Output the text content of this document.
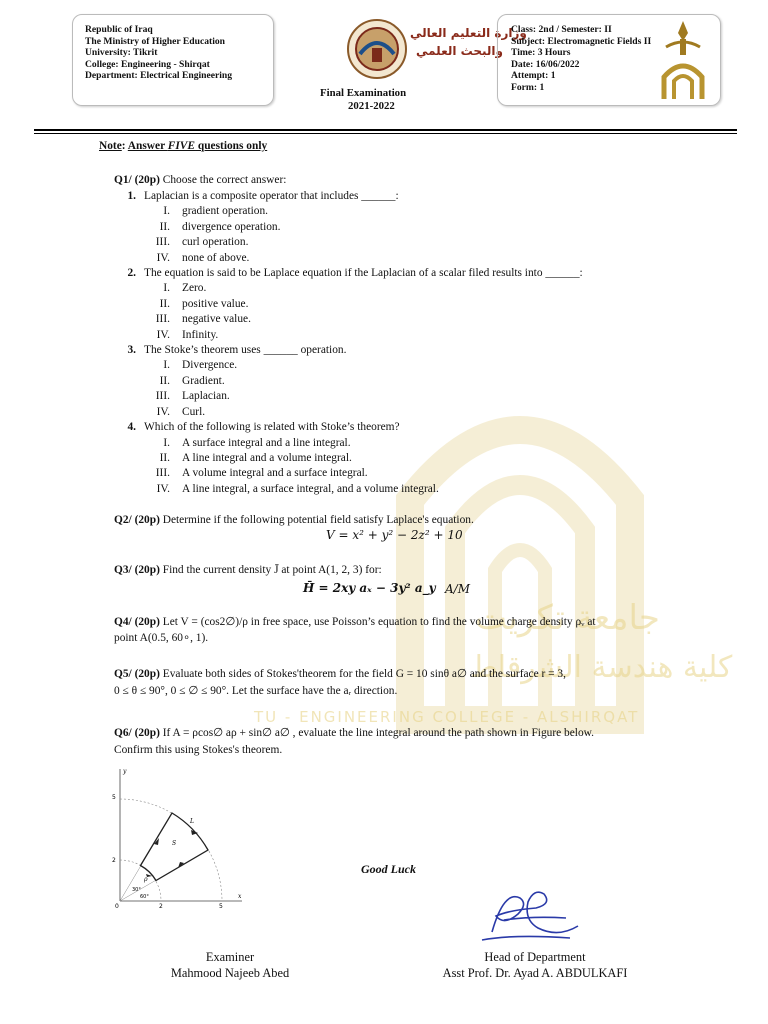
جامعة تكريت
كلية هندسة الشرقاط
TU - ENGINEERING COLLEGE - ALSHIRQAT
Republic of Iraq
The Ministry of Higher Education
University: Tikrit
College: Engineering - Shirqat
Department: Electrical Engineering
وزارة التعليم العالي
والبحث العلمي
Final Examination
2021-2022
Class: 2nd / Semester: II
Subject: Electromagnetic Fields II
Time: 3 Hours
Date: 16/06/2022
Attempt: 1
Form: 1
Note: Answer FIVE questions only
Q1/ (20p) Choose the correct answer:
1. Laplacian is a composite operator that includes ______:
I. gradient operation.
II. divergence operation.
III. curl operation.
IV. none of above.
2. The equation is said to be Laplace equation if the Laplacian of a scalar filed results into ______:
I. Zero.
II. positive value.
III. negative value.
IV. Infinity.
3. The Stoke’s theorem uses ______ operation.
I. Divergence.
II. Gradient.
III. Laplacian.
IV. Curl.
4. Which of the following is related with Stoke’s theorem?
I. A surface integral and a line integral.
II. A line integral and a volume integral.
III. A volume integral and a surface integral.
IV. A line integral, a surface integral, and a volume integral.
Q2/ (20p) Determine if the following potential field satisfy Laplace's equation.
V = x² + y² − 2z² + 10
Q3/ (20p) Find the current density J̄ at point A(1, 2, 3) for:
H̄ = 2xy aₓ − 3y² a_y A/M
Q4/ (20p) Let V = (cos2∅)/ρ in free space, use Poisson’s equation to find the volume charge density ρᵥ at
point A(0.5, 60∘, 1).
Q5/ (20p) Evaluate both sides of Stokes'theorem for the field G = 10 sinθ a∅ and the surface r = 3,
0 ≤ θ ≤ 90°, 0 ≤ ∅ ≤ 90°. Let the surface have the aᵣ direction.
Q6/ (20p) If A = ρcos∅ aρ + sin∅ a∅ , evaluate the line integral around the path shown in Figure below.
Confirm this using Stokes's theorem.
5
2
0	2	5
L
S
ρ
30°
60°
y
x
Good Luck
Examiner
Mahmood Najeeb Abed
Head of Department
Asst Prof. Dr. Ayad A. ABDULKAFI
